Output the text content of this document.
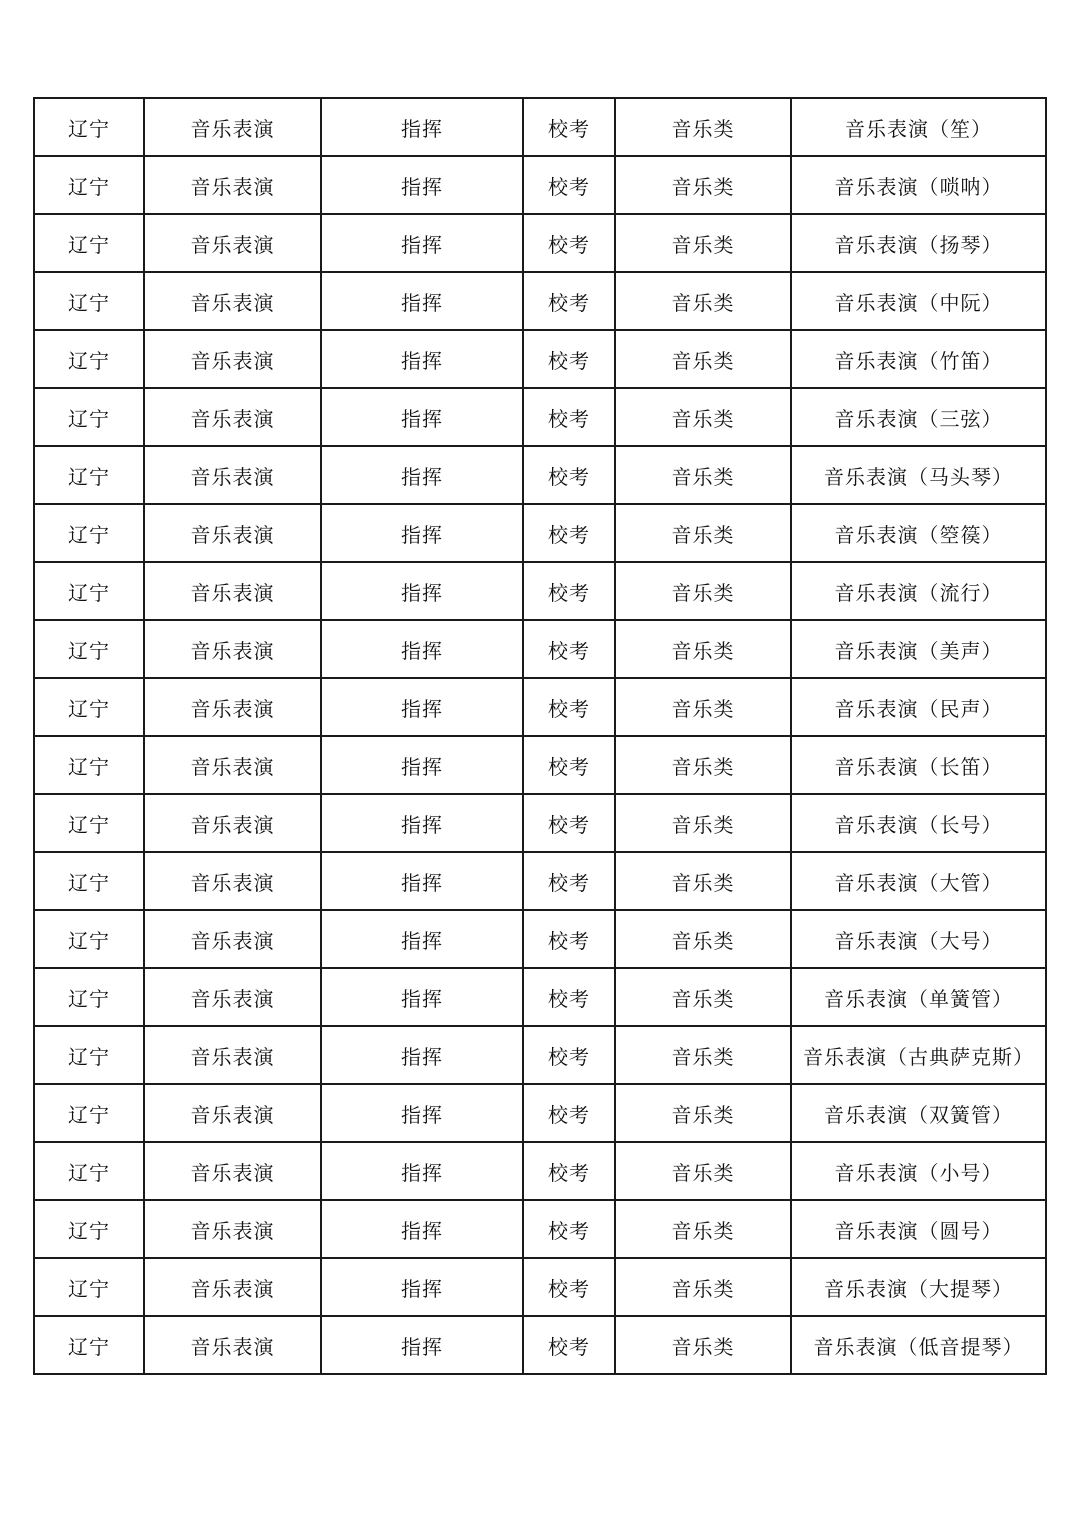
辽宁	音乐表演	指挥	校考	音乐类	音乐表演（笙）
辽宁	音乐表演	指挥	校考	音乐类	音乐表演（唢呐）
辽宁	音乐表演	指挥	校考	音乐类	音乐表演（扬琴）
辽宁	音乐表演	指挥	校考	音乐类	音乐表演（中阮）
辽宁	音乐表演	指挥	校考	音乐类	音乐表演（竹笛）
辽宁	音乐表演	指挥	校考	音乐类	音乐表演（三弦）
辽宁	音乐表演	指挥	校考	音乐类	音乐表演（马头琴）
辽宁	音乐表演	指挥	校考	音乐类	音乐表演（箜篌）
辽宁	音乐表演	指挥	校考	音乐类	音乐表演（流行）
辽宁	音乐表演	指挥	校考	音乐类	音乐表演（美声）
辽宁	音乐表演	指挥	校考	音乐类	音乐表演（民声）
辽宁	音乐表演	指挥	校考	音乐类	音乐表演（长笛）
辽宁	音乐表演	指挥	校考	音乐类	音乐表演（长号）
辽宁	音乐表演	指挥	校考	音乐类	音乐表演（大管）
辽宁	音乐表演	指挥	校考	音乐类	音乐表演（大号）
辽宁	音乐表演	指挥	校考	音乐类	音乐表演（单簧管）
辽宁	音乐表演	指挥	校考	音乐类	音乐表演（古典萨克斯）
辽宁	音乐表演	指挥	校考	音乐类	音乐表演（双簧管）
辽宁	音乐表演	指挥	校考	音乐类	音乐表演（小号）
辽宁	音乐表演	指挥	校考	音乐类	音乐表演（圆号）
辽宁	音乐表演	指挥	校考	音乐类	音乐表演（大提琴）
辽宁	音乐表演	指挥	校考	音乐类	音乐表演（低音提琴）
